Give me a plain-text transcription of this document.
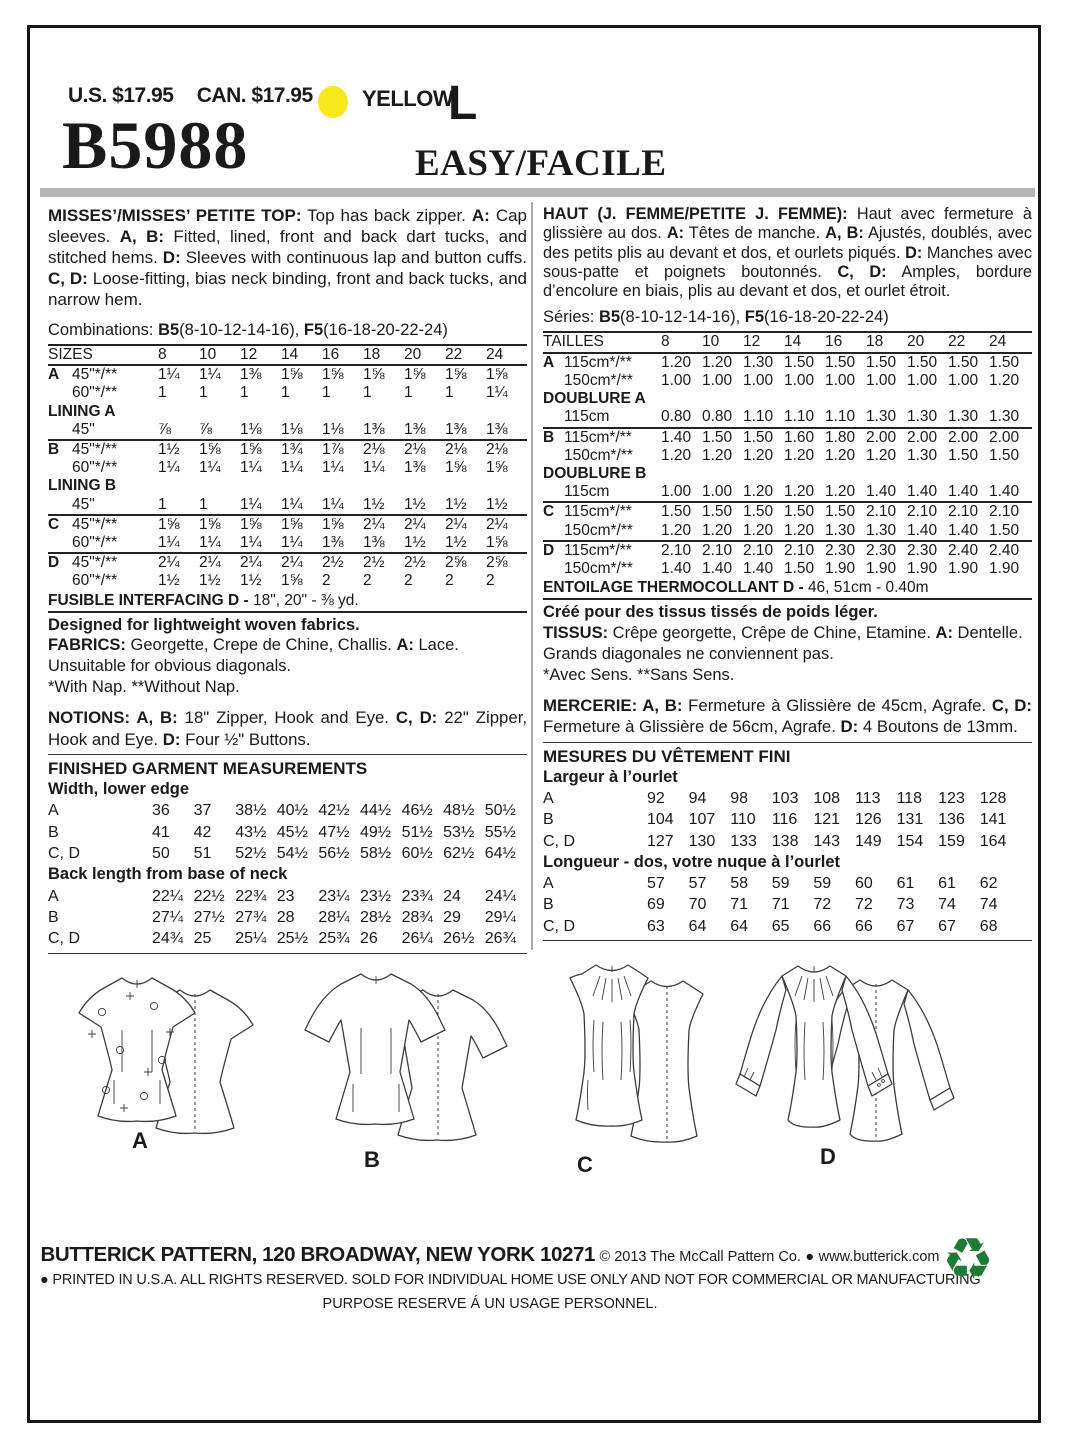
U.S. $17.95 CAN. $17.95 YELLOW
L
B5988	EASY/FACILE

MISSES’/MISSES’ PETITE TOP: Top has back zipper. A: Cap sleeves. A, B: Fitted, lined, front and back dart tucks, and stitched hems. D: Sleeves with continuous lap and button cuffs. C, D: Loose-fitting, bias neck binding, front and back tucks, and narrow hem.

Combinations: B5(8-10-12-14-16), F5(16-18-20-22-24)
SIZES	8	10	12	14	16	18	20	22	24
A 45"*/**	1¼	1¼	1⅜	1⅝	1⅝	1⅝	1⅝	1⅝	1⅝
60"*/**	1	1	1	1	1	1	1	1	1¼
LINING A
45"	⅞	⅞	1⅛	1⅛	1⅛	1⅜	1⅜	1⅜	1⅜
B 45"*/**	1½	1⅝	1⅝	1¾	1⅞	2⅛	2⅛	2⅛	2⅛
60"*/**	1¼	1¼	1¼	1¼	1¼	1¼	1⅜	1⅝	1⅝
LINING B
45"	1	1	1¼	1¼	1¼	1½	1½	1½	1½
C 45"*/**	1⅝	1⅝	1⅝	1⅝	1⅝	2¼	2¼	2¼	2¼
60"*/**	1¼	1¼	1¼	1¼	1⅜	1⅜	1½	1½	1⅝
D 45"*/**	2¼	2¼	2¼	2¼	2½	2½	2½	2⅝	2⅝
60"*/**	1½	1½	1½	1⅝	2	2	2	2	2
FUSIBLE INTERFACING D - 18", 20" - ⅜ yd.
Designed for lightweight woven fabrics.
FABRICS: Georgette, Crepe de Chine, Challis. A: Lace.
Unsuitable for obvious diagonals.
*With Nap. **Without Nap.
NOTIONS: A, B: 18" Zipper, Hook and Eye. C, D: 22" Zipper, Hook and Eye. D: Four ½" Buttons.
FINISHED GARMENT MEASUREMENTS
Width, lower edge
A	36	37	38½ 40½ 42½ 44½ 46½ 48½ 50½
B	41	42	43½ 45½ 47½ 49½ 51½ 53½ 55½
C, D	50	51	52½ 54½ 56½ 58½ 60½ 62½ 64½
Back length from base of neck
A	22¼ 22½ 22¾ 23	23¼ 23½ 23¾ 24	24¼
B	27¼ 27½ 27¾ 28	28¼ 28½ 28¾ 29	29¼
C, D	24¾ 25	25¼ 25½ 25¾ 26	26¼ 26½ 26¾

HAUT (J. FEMME/PETITE J. FEMME): Haut avec fermeture à glissière au dos. A: Têtes de manche. A, B: Ajustés, doublés, avec des petits plis au devant et dos, et ourlets piqués. D: Manches avec sous-patte et poignets boutonnés. C, D: Amples, bordure d’encolure en biais, plis au devant et dos, et ourlet étroit.

Séries: B5(8-10-12-14-16), F5(16-18-20-22-24)
TAILLES	8	10	12	14	16	18	20	22	24
A 115cm*/**	1.20 1.20 1.30 1.50 1.50 1.50 1.50 1.50 1.50
150cm*/**	1.00 1.00 1.00 1.00 1.00 1.00 1.00 1.00 1.20
DOUBLURE A
115cm	0.80 0.80 1.10 1.10 1.10 1.30 1.30 1.30 1.30
B 115cm*/**	1.40 1.50 1.50 1.60 1.80 2.00 2.00 2.00 2.00
150cm*/**	1.20 1.20 1.20 1.20 1.20 1.20 1.30 1.50 1.50
DOUBLURE B
115cm	1.00 1.00 1.20 1.20 1.20 1.40 1.40 1.40 1.40
C 115cm*/**	1.50 1.50 1.50 1.50 1.50 2.10 2.10 2.10 2.10
150cm*/**	1.20 1.20 1.20 1.20 1.30 1.30 1.40 1.40 1.50
D 115cm*/**	2.10 2.10 2.10 2.10 2.30 2.30 2.30 2.40 2.40
150cm*/**	1.40 1.40 1.40 1.50 1.90 1.90 1.90 1.90 1.90
ENTOILAGE THERMOCOLLANT D - 46, 51cm - 0.40m
Créé pour des tissus tissés de poids léger.
TISSUS: Crêpe georgette, Crêpe de Chine, Etamine. A: Dentelle.
Grands diagonales ne conviennent pas.
*Avec Sens. **Sans Sens.
MERCERIE: A, B: Fermeture à Glissière de 45cm, Agrafe. C, D: Fermeture à Glissière de 56cm, Agrafe. D: 4 Boutons de 13mm.
MESURES DU VÊTEMENT FINI
Largeur à l’ourlet
A	92	94	98	103 108 113	118	123 128
B	104 107 110	116	121 126 131 136 141
C, D	127 130 133 138 143 149 154 159 164
Longueur - dos, votre nuque à l’ourlet
A	57	57	58	59	59	60	61	61	62
B	69	70	71	71	72	72	73	74	74
C, D	63	64	64	65	66	66	67	67	68
A
B	C	D
BUTTERICK PATTERN, 120 BROADWAY, NEW YORK 10271 © 2013 The McCall Pattern Co. ● www.butterick.com
● PRINTED IN U.S.A. ALL RIGHTS RESERVED. SOLD FOR INDIVIDUAL HOME USE ONLY AND NOT FOR COMMERCIAL OR MANUFACTURING
PURPOSE RESERVE Á UN USAGE PERSONNEL.
♻
